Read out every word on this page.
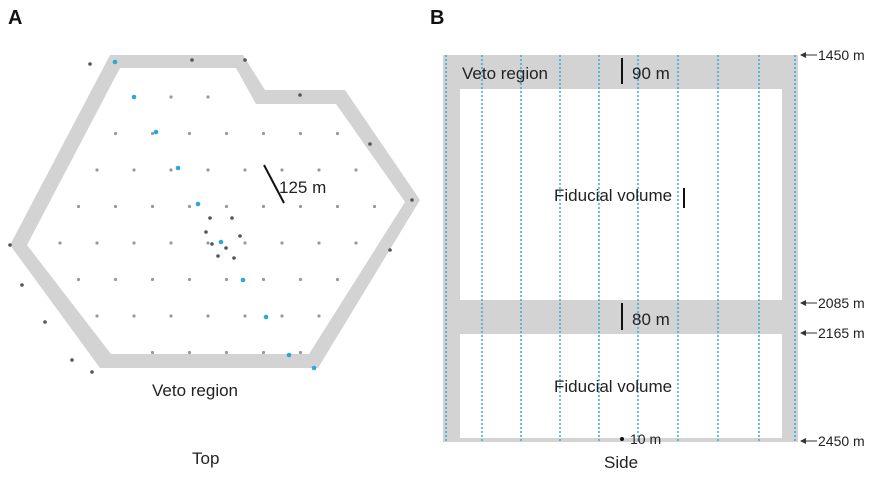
A
125 m
Veto region
Top
B
Veto region	90 m
Fiducial volume
80 m
Fiducial volume
10 m
Side
1450 m
2085 m
2165 m
2450 m
